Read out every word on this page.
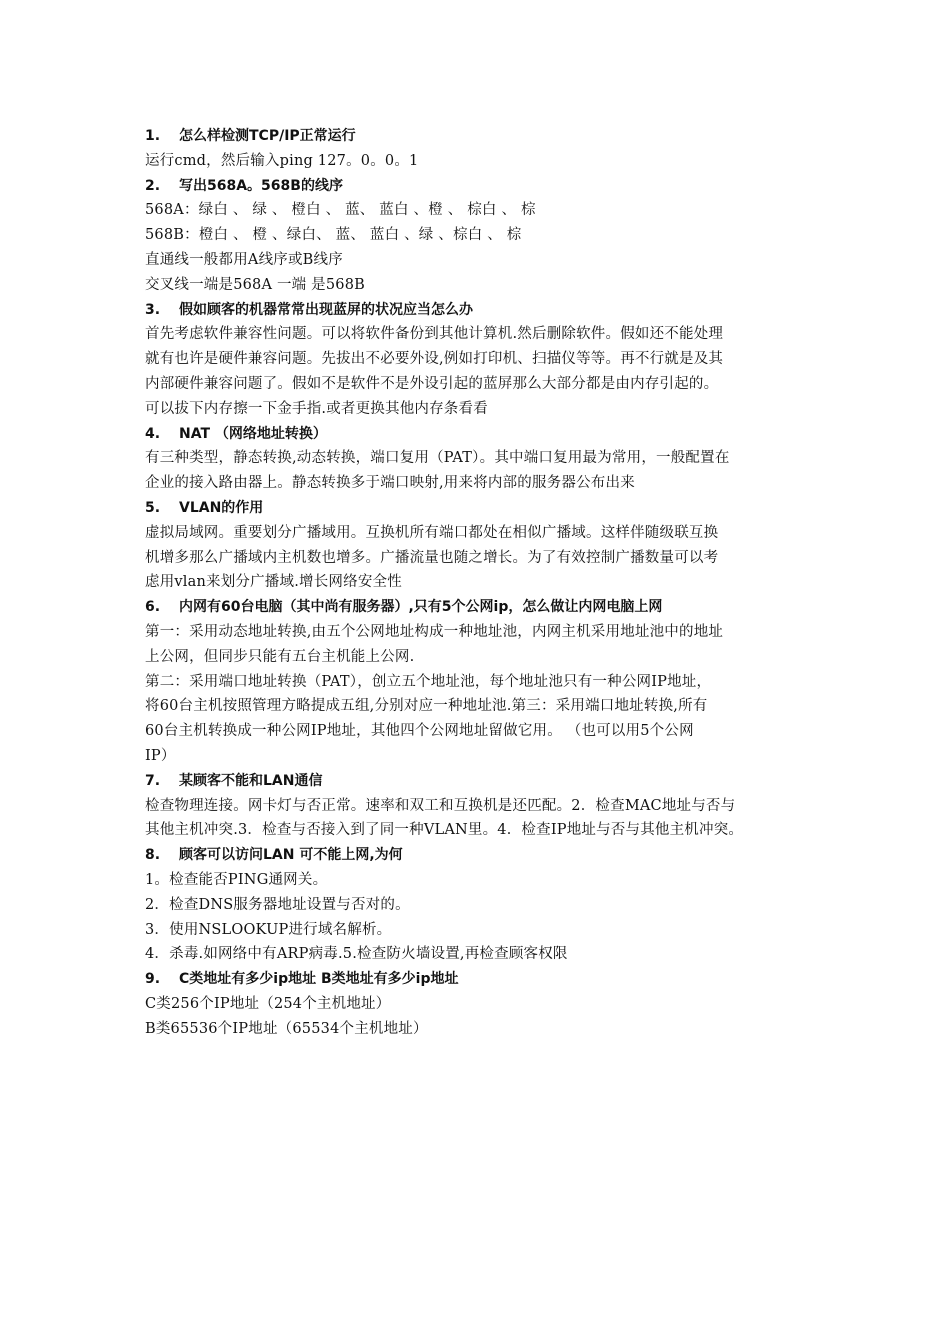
1. 怎么样检测TCP/IP正常运行
运行cmd，然后输入ping 127。0。0。1
2. 写出568A。568B的线序
568A：绿白 、 绿 、 橙白 、 蓝、 蓝白 、橙 、 棕白 、 棕
568B：橙白 、 橙 、绿白、 蓝、 蓝白 、绿 、棕白 、 棕
直通线一般都用A线序或B线序
交叉线一端是568A 一端 是568B
3. 假如顾客的机器常常出现蓝屏的状况应当怎么办
首先考虑软件兼容性问题。可以将软件备份到其他计算机.然后删除软件。假如还不能处理
就有也许是硬件兼容问题。先拔出不必要外设,例如打印机、扫描仪等等。再不行就是及其
内部硬件兼容问题了。假如不是软件不是外设引起的蓝屏那么大部分都是由内存引起的。
可以拔下内存擦一下金手指.或者更换其他内存条看看
4. NAT （网络地址转换）
有三种类型，静态转换,动态转换，端口复用（PAT）。其中端口复用最为常用，一般配置在
企业的接入路由器上。静态转换多于端口映射,用来将内部的服务器公布出来
5. VLAN的作用
虚拟局域网。重要划分广播域用。互换机所有端口都处在相似广播域。这样伴随级联互换
机增多那么广播域内主机数也增多。广播流量也随之增长。为了有效控制广播数量可以考
虑用vlan来划分广播域.增长网络安全性
6. 内网有60台电脑（其中尚有服务器）,只有5个公网ip，怎么做让内网电脑上网
第一：采用动态地址转换,由五个公网地址构成一种地址池，内网主机采用地址池中的地址
上公网，但同步只能有五台主机能上公网.
第二：采用端口地址转换（PAT），创立五个地址池，每个地址池只有一种公网IP地址，
将60台主机按照管理方略提成五组,分别对应一种地址池.第三：采用端口地址转换,所有
60台主机转换成一种公网IP地址，其他四个公网地址留做它用。 （也可以用5个公网
IP）
7. 某顾客不能和LAN通信
检查物理连接。网卡灯与否正常。速率和双工和互换机是还匹配。2．检查MAC地址与否与
其他主机冲突.3．检查与否接入到了同一种VLAN里。4．检查IP地址与否与其他主机冲突。
8. 顾客可以访问LAN 可不能上网,为何
1。检查能否PING通网关。
2．检查DNS服务器地址设置与否对的。
3．使用NSLOOKUP进行域名解析。
4．杀毒.如网络中有ARP病毒.5.检查防火墙设置,再检查顾客权限
9. C类地址有多少ip地址 B类地址有多少ip地址
C类256个IP地址（254个主机地址）
B类65536个IP地址（65534个主机地址）
